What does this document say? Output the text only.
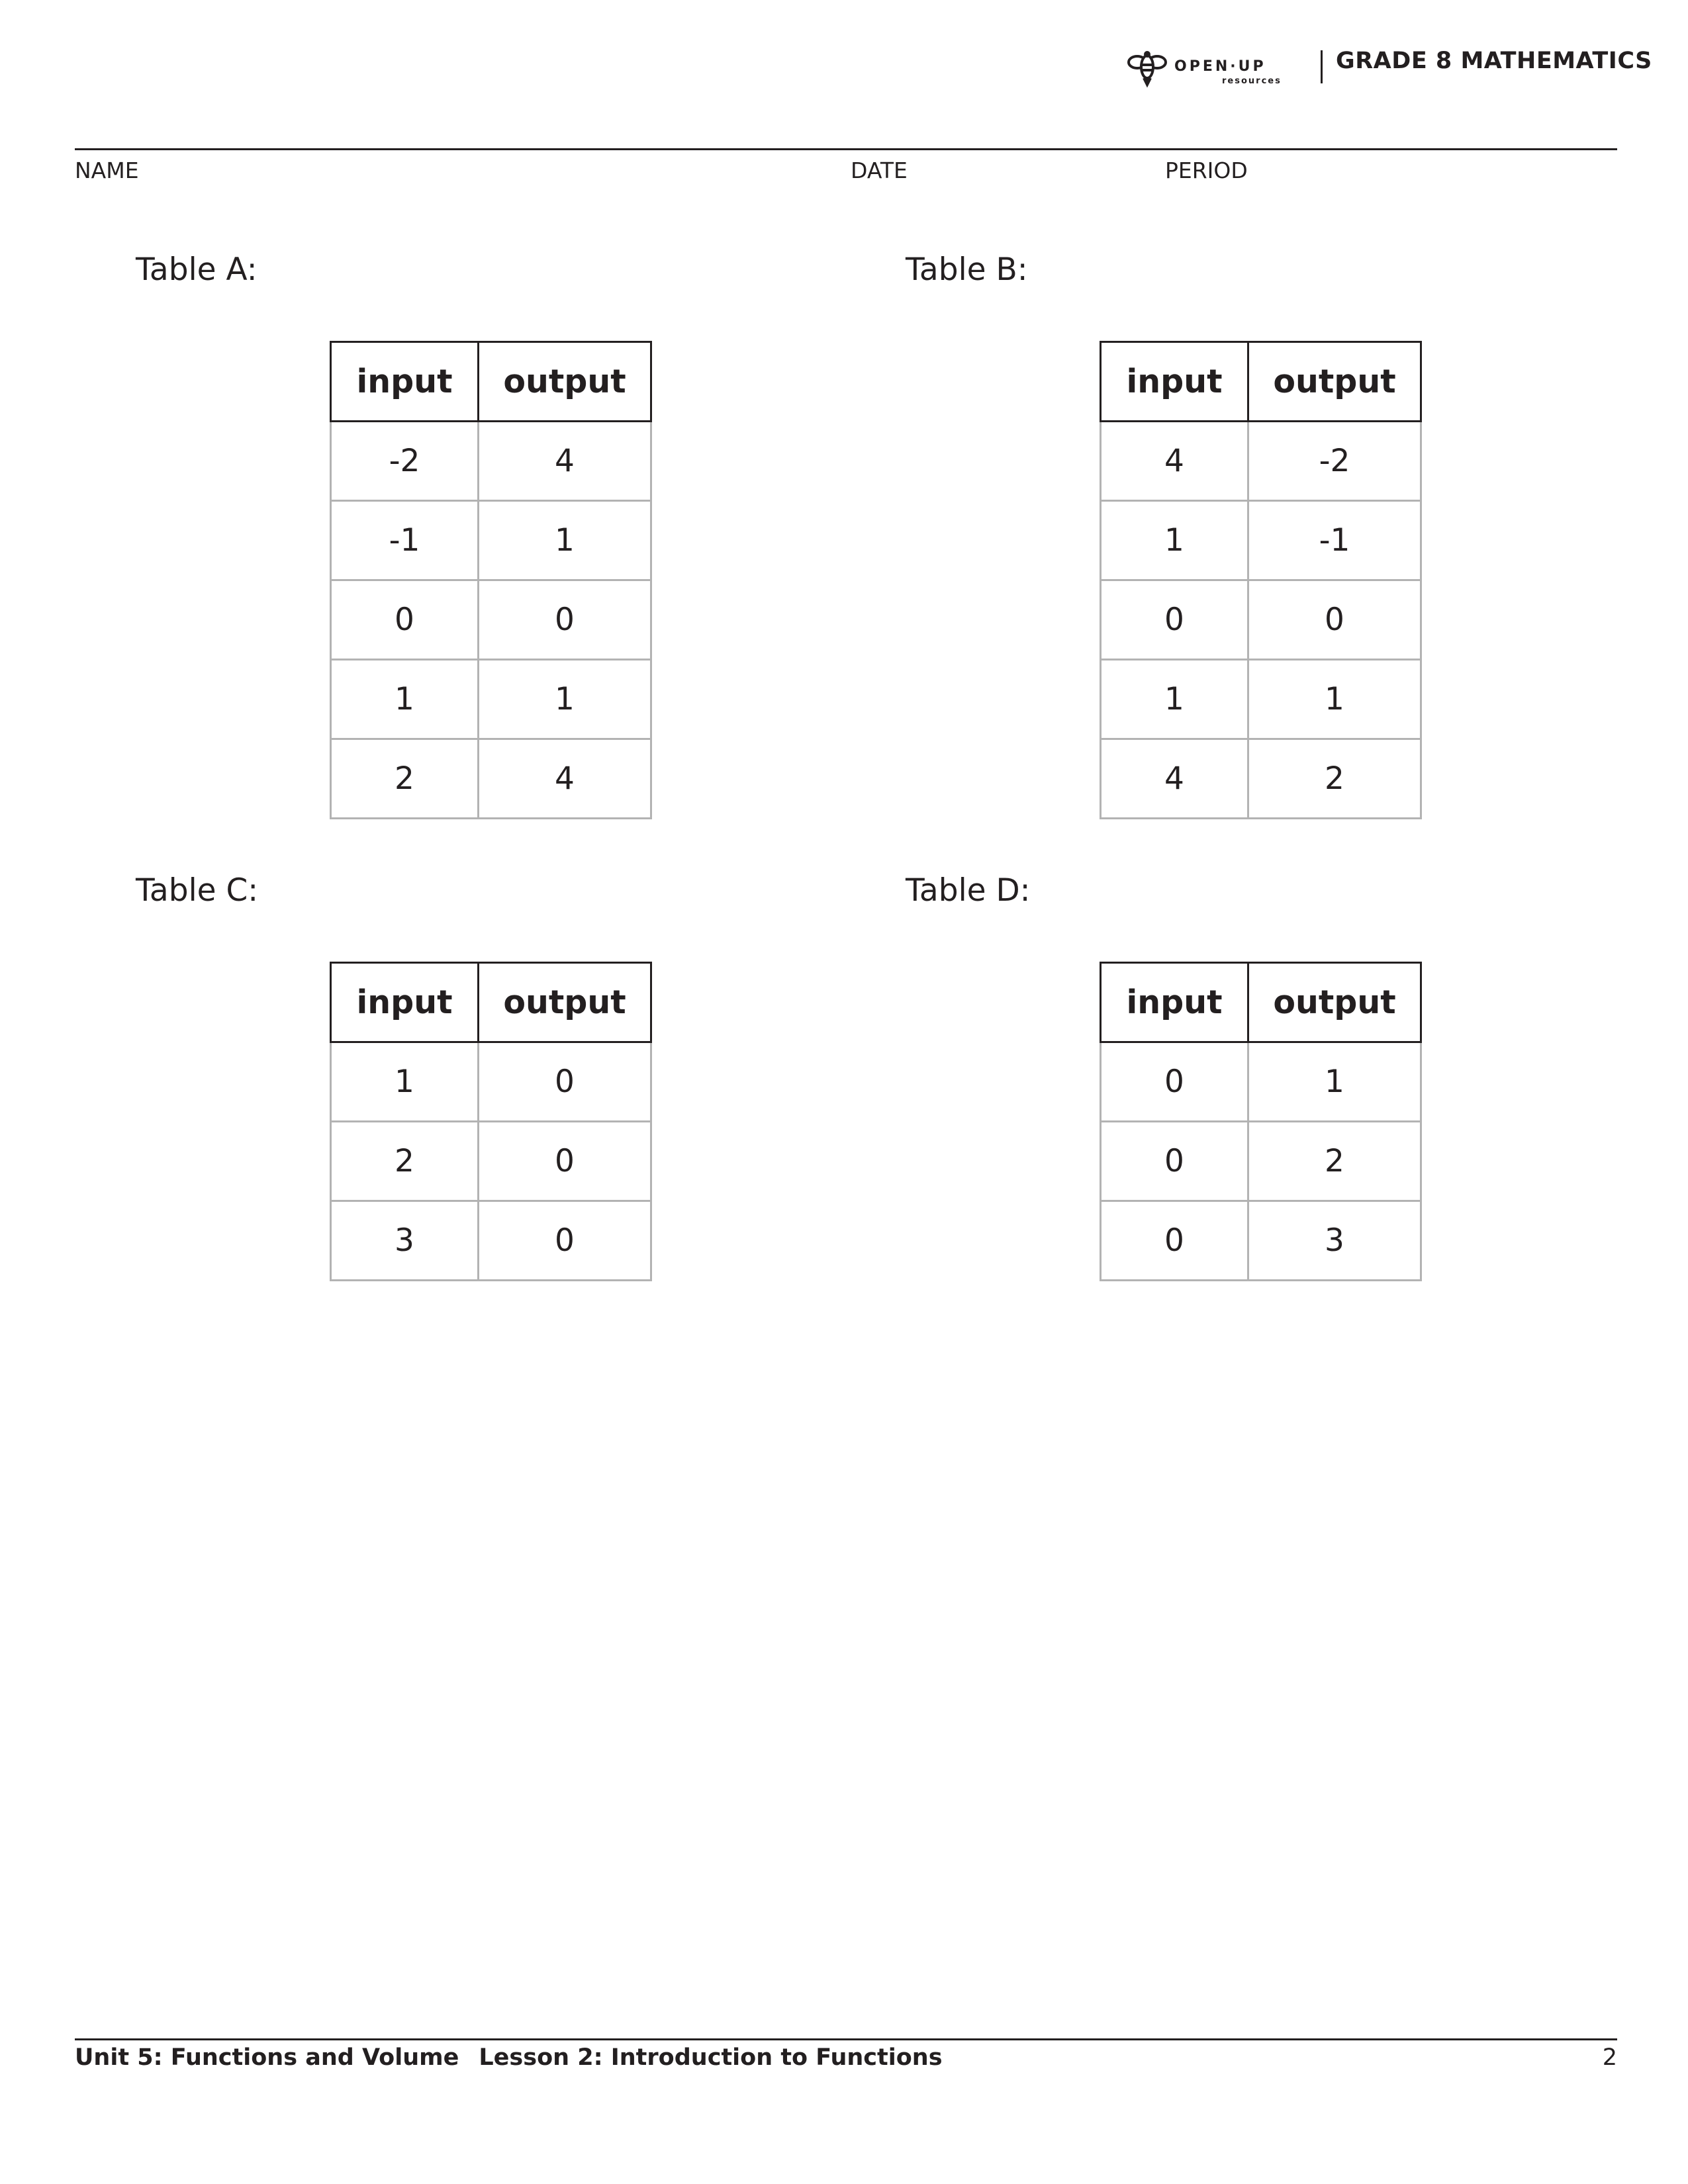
OPEN·UP
resources
GRADE 8 MATHEMATICS
NAME	DATE	PERIOD
Table A:
input	output
-2	4
-1	1
0	0
1	1
2	4
Table B:
input	output
4	-2
1	-1
0	0
1	1
4	2
Table C:
input	output
1	0
2	0
3	0
Table D:
input	output
0	1
0	2
0	3
Unit 5: Functions and Volume Lesson 2: Introduction to Functions	2
